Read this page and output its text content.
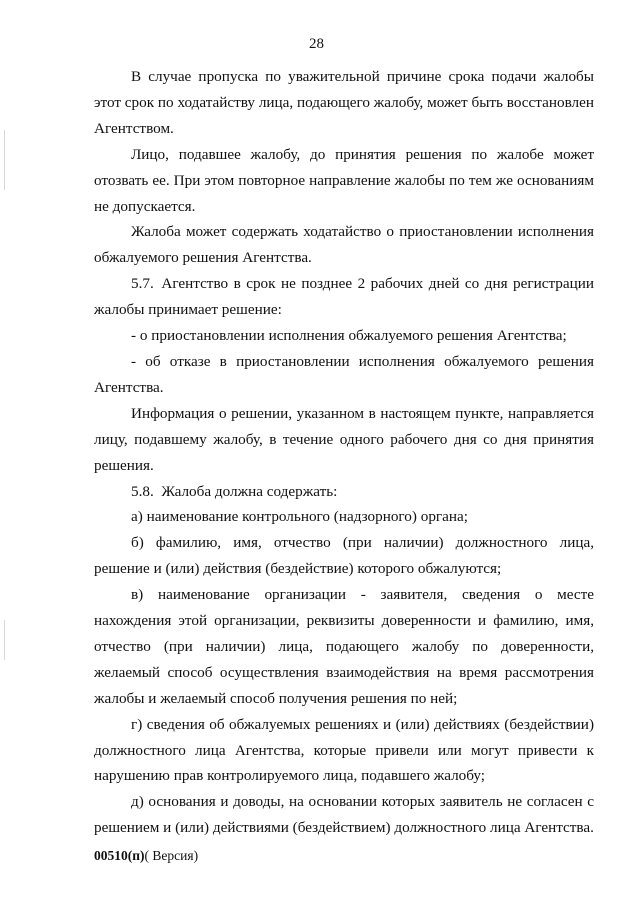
28

В случае пропуска по уважительной причине срока подачи жалобы этот срок по ходатайству лица, подающего жалобу, может быть восстановлен Агентством.

Лицо, подавшее жалобу, до принятия решения по жалобе может отозвать ее. При этом повторное направление жалобы по тем же основаниям не допускается.

Жалоба может содержать ходатайство о приостановлении исполнения обжалуемого решения Агентства.

5.7. Агентство в срок не позднее 2 рабочих дней со дня регистрации жалобы принимает решение:

- о приостановлении исполнения обжалуемого решения Агентства;

- об отказе в приостановлении исполнения обжалуемого решения Агентства.

Информация о решении, указанном в настоящем пункте, направляется лицу, подавшему жалобу, в течение одного рабочего дня со дня принятия решения.

5.8. Жалоба должна содержать:

а) наименование контрольного (надзорного) органа;

б) фамилию, имя, отчество (при наличии) должностного лица, решение и (или) действия (бездействие) которого обжалуются;

в) наименование организации - заявителя, сведения о месте нахождения этой организации, реквизиты доверенности и фамилию, имя, отчество (при наличии) лица, подающего жалобу по доверенности, желаемый способ осуществления взаимодействия на время рассмотрения жалобы и желаемый способ получения решения по ней;

г) сведения об обжалуемых решениях и (или) действиях (бездействии) должностного лица Агентства, которые привели или могут привести к нарушению прав контролируемого лица, подавшего жалобу;

д) основания и доводы, на основании которых заявитель не согласен с решением и (или) действиями (бездействием) должностного лица Агентства.

00510(п)( Версия)
